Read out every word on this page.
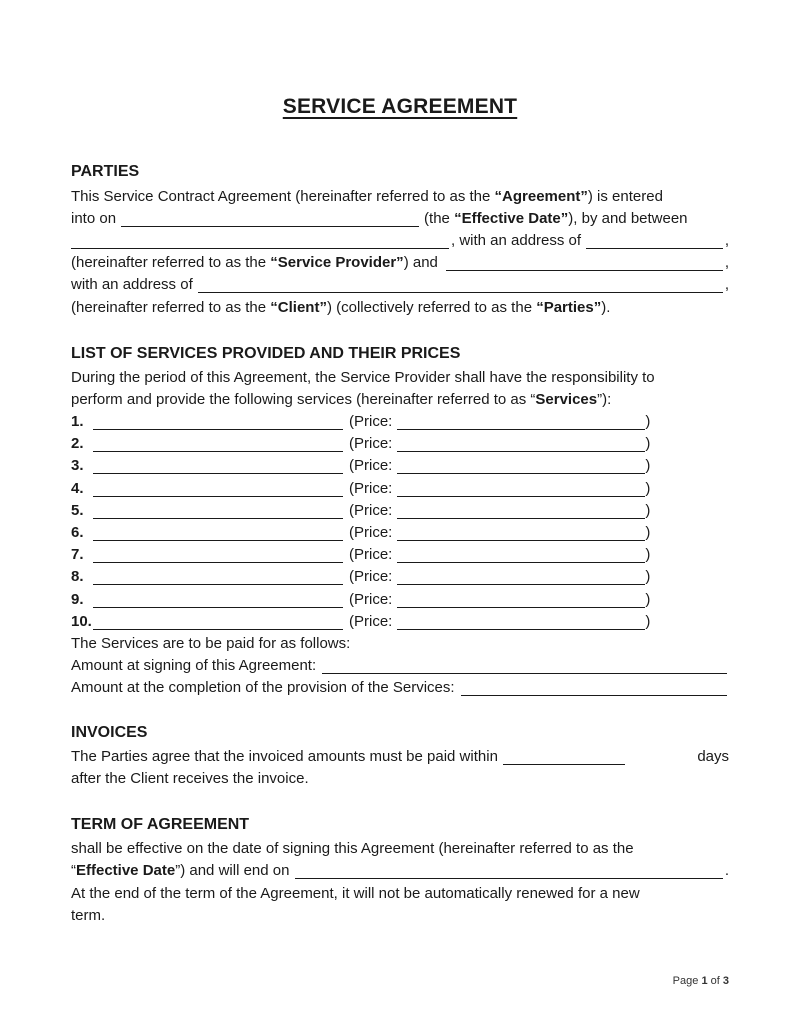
SERVICE AGREEMENT
PARTIES
This Service Contract Agreement (hereinafter referred to as the “Agreement”) is entered
into on	(the “Effective Date” ), by and between
, with an address of	,
(hereinafter referred to as the “Service Provider” ) and	,
with an address of	,
(hereinafter referred to as the “Client” ) (collectively referred to as the “Parties” ).
LIST OF SERVICES PROVIDED AND THEIR PRICES
During the period of this Agreement, the Service Provider shall have the responsibility to
perform and provide the following services (hereinafter referred to as “ Services ”):
1.	(Price:	)
2.	(Price:	)
3.	(Price:	)
4.	(Price:	)
5.	(Price:	)
6.	(Price:	)
7.	(Price:	)
8.	(Price:	)
9.	(Price:	)
10.	(Price:	)
The Services are to be paid for as follows:
Amount at signing of this Agreement:
Amount at the completion of the provision of the Services:
INVOICES
The Parties agree that the invoiced amounts must be paid within	days
after the Client receives the invoice.
TERM OF AGREEMENT
shall be effective on the date of signing this Agreement (hereinafter referred to as the
“ Effective Date ”) and will end on	.
At the end of the term of the Agreement, it will not be automatically renewed for a new
term.
Page 1 of 3
